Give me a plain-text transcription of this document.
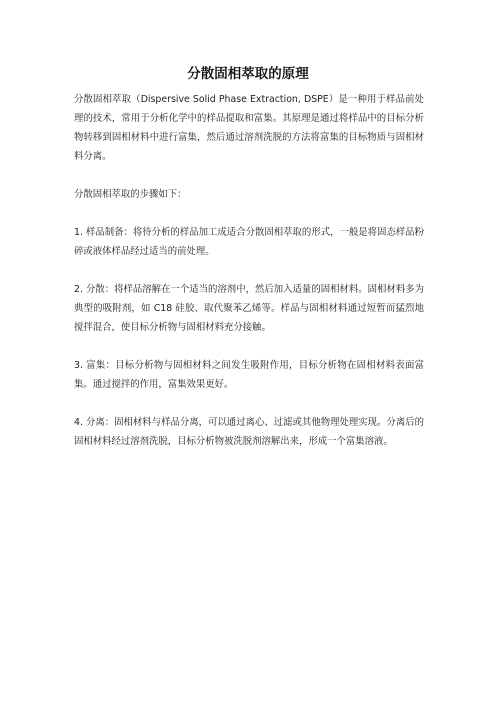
分散固相萃取的原理

分散固相萃取（Dispersive Solid Phase Extraction, DSPE）是一种用于样品前处理的技术，常用于分析化学中的样品提取和富集。其原理是通过将样品中的目标分析物转移到固相材料中进行富集，然后通过溶剂洗脱的方法将富集的目标物质与固相材料分离。

分散固相萃取的步骤如下：

1. 样品制备：将待分析的样品加工成适合分散固相萃取的形式，一般是将固态样品粉碎或液体样品经过适当的前处理。

2. 分散：将样品溶解在一个适当的溶剂中，然后加入适量的固相材料。固相材料多为典型的吸附剂，如 C18 硅胶、取代聚苯乙烯等。样品与固相材料通过短暂而猛烈地搅拌混合，使目标分析物与固相材料充分接触。

3. 富集：目标分析物与固相材料之间发生吸附作用，目标分析物在固相材料表面富集。通过搅拌的作用，富集效果更好。

4. 分离：固相材料与样品分离，可以通过离心、过滤或其他物理处理实现。分离后的固相材料经过溶剂洗脱，目标分析物被洗脱剂溶解出来，形成一个富集溶液。
